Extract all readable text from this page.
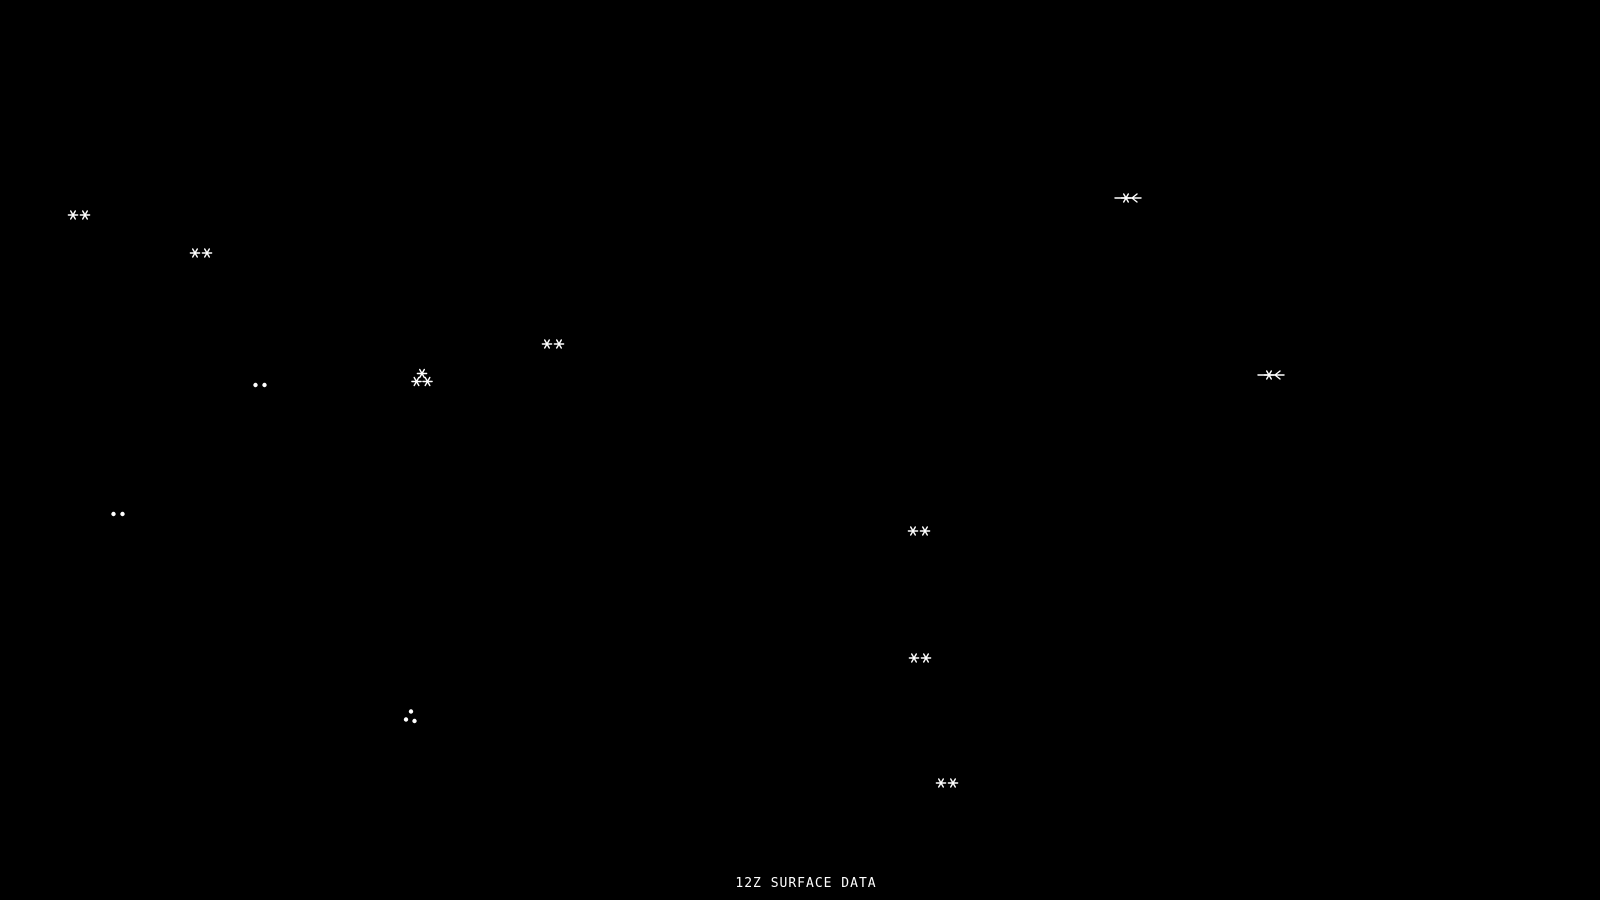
12Z SURFACE DATA
